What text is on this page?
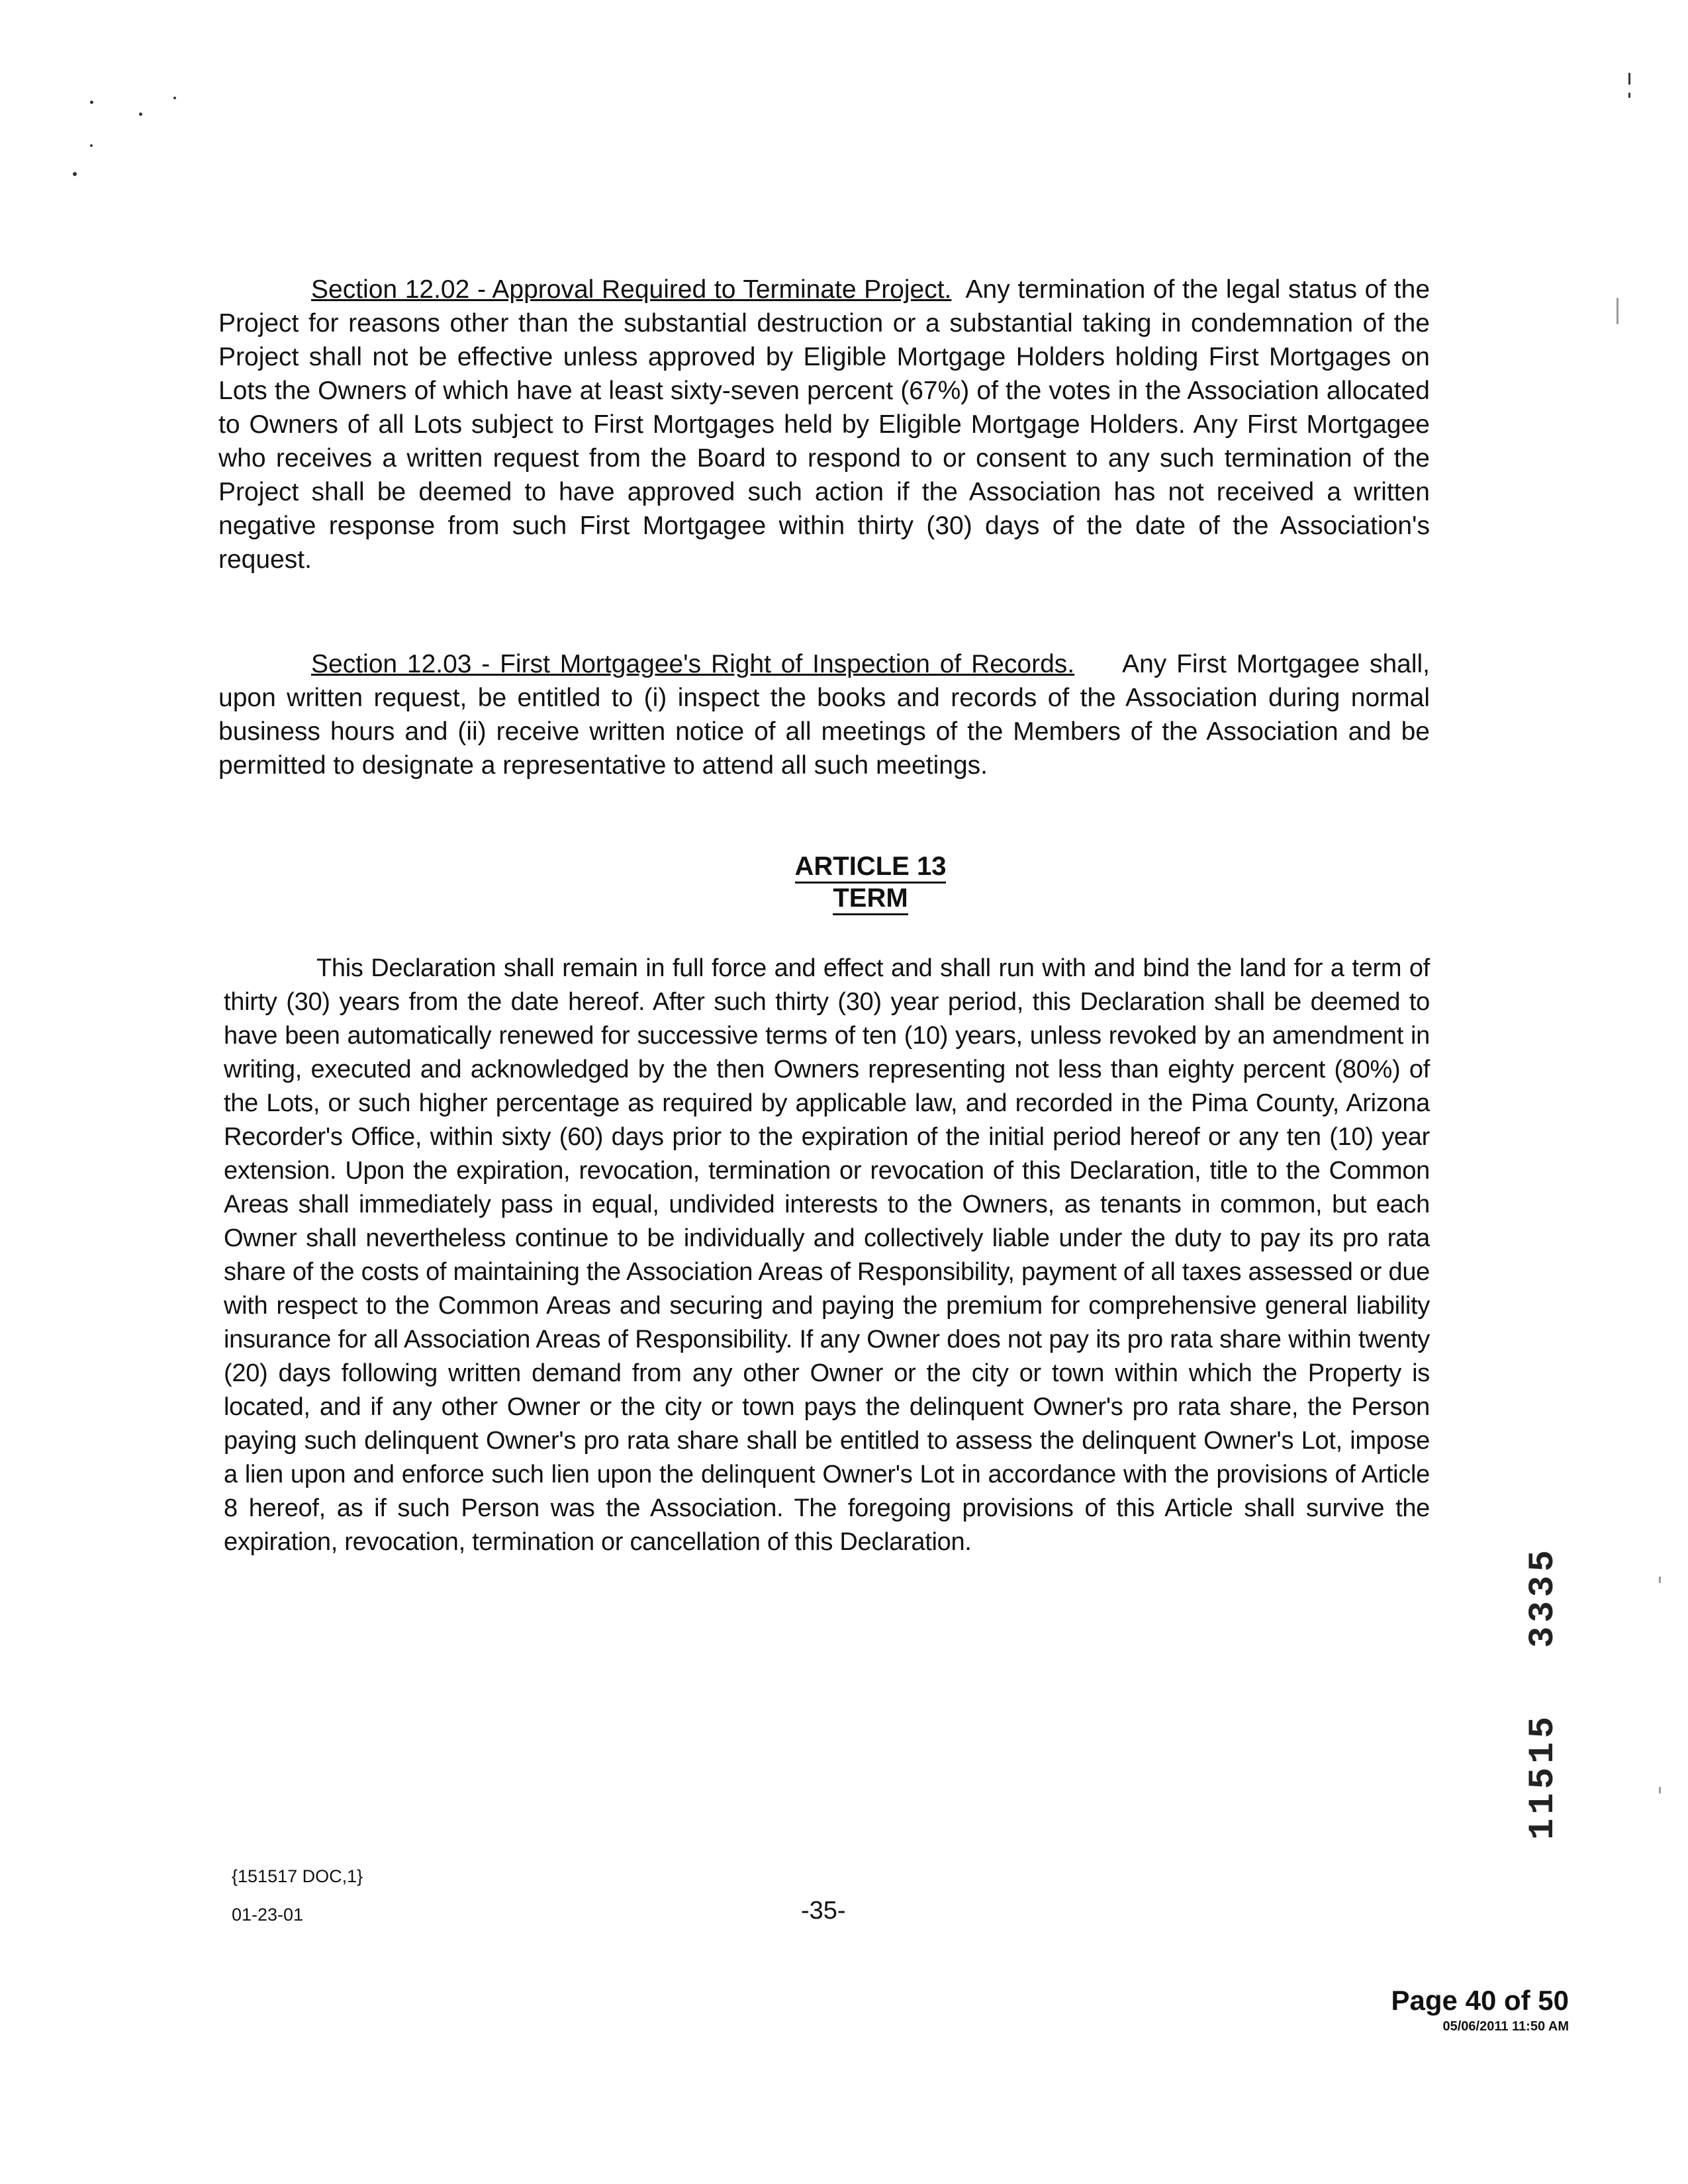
Section 12.02 - Approval Required to Terminate Project. Any termination of the legal status of the Project for reasons other than the substantial destruction or a substantial taking in condemnation of the Project shall not be effective unless approved by Eligible Mortgage Holders holding First Mortgages on Lots the Owners of which have at least sixty-seven percent (67%) of the votes in the Association allocated to Owners of all Lots subject to First Mortgages held by Eligible Mortgage Holders. Any First Mortgagee who receives a written request from the Board to respond to or consent to any such termination of the Project shall be deemed to have approved such action if the Association has not received a written negative response from such First Mortgagee within thirty (30) days of the date of the Association's request.

Section 12.03 - First Mortgagee's Right of Inspection of Records. Any First Mortgagee shall, upon written request, be entitled to (i) inspect the books and records of the Association during normal business hours and (ii) receive written notice of all meetings of the Members of the Association and be permitted to designate a representative to attend all such meetings.

ARTICLE 13
TERM

This Declaration shall remain in full force and effect and shall run with and bind the land for a term of thirty (30) years from the date hereof. After such thirty (30) year period, this Declaration shall be deemed to have been automatically renewed for successive terms of ten (10) years, unless revoked by an amendment in writing, executed and acknowledged by the then Owners representing not less than eighty percent (80%) of the Lots, or such higher percentage as required by applicable law, and recorded in the Pima County, Arizona Recorder's Office, within sixty (60) days prior to the expiration of the initial period hereof or any ten (10) year extension. Upon the expiration, revocation, termination or revocation of this Declaration, title to the Common Areas shall immediately pass in equal, undivided interests to the Owners, as tenants in common, but each Owner shall nevertheless continue to be individually and collectively liable under the duty to pay its pro rata share of the costs of maintaining the Association Areas of Responsibility, payment of all taxes assessed or due with respect to the Common Areas and securing and paying the premium for comprehensive general liability insurance for all Association Areas of Responsibility. If any Owner does not pay its pro rata share within twenty (20) days following written demand from any other Owner or the city or town within which the Property is located, and if any other Owner or the city or town pays the delinquent Owner's pro rata share, the Person paying such delinquent Owner's pro rata share shall be entitled to assess the delinquent Owner's Lot, impose a lien upon and enforce such lien upon the delinquent Owner's Lot in accordance with the provisions of Article 8 hereof, as if such Person was the Association. The foregoing provisions of this Article shall survive the expiration, revocation, termination or cancellation of this Declaration.

{151517 DOC,1}
01-23-01	-35-
Page 40 of 50
05/06/2011 11:50 AM
11515
3335
